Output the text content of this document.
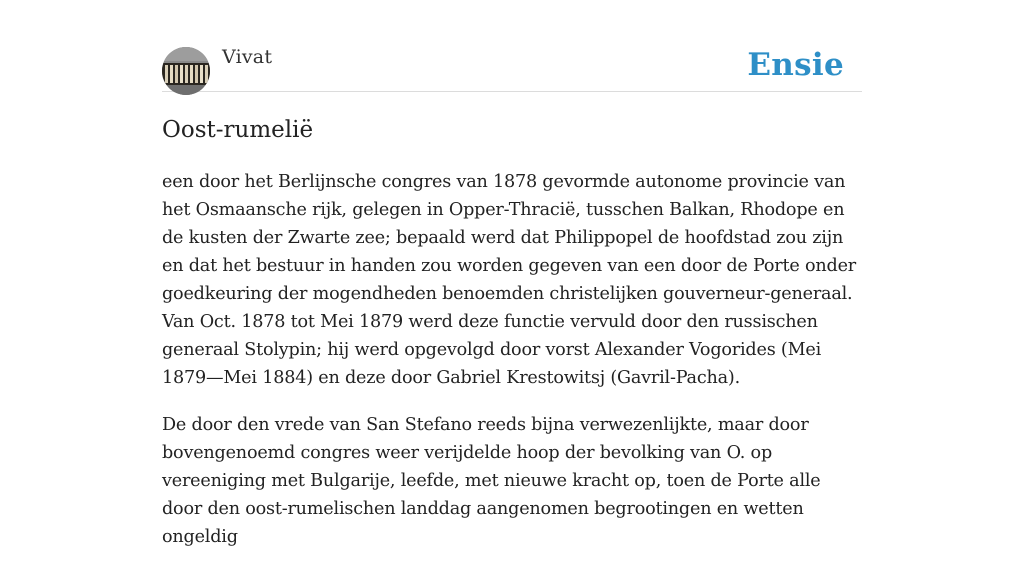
Vivat	Ensie
Oost-rumelië

een door het Berlijnsche congres van 1878 gevormde autonome provincie van het Osmaansche rijk, gelegen in Opper-Thracië, tusschen Balkan, Rhodope en de kusten der Zwarte zee; bepaald werd dat Philippopel de hoofdstad zou zijn en dat het bestuur in handen zou worden gegeven van een door de Porte onder goedkeuring der mogendheden benoemden christelijken gouverneur-generaal. Van Oct. 1878 tot Mei 1879 werd deze functie vervuld door den russischen generaal Stolypin; hij werd opgevolgd door vorst Alexander Vogorides (Mei 1879—Mei 1884) en deze door Gabriel Krestowitsj (Gavril-Pacha).

De door den vrede van San Stefano reeds bijna verwezenlijkte, maar door bovengenoemd congres weer verijdelde hoop der bevolking van O. op vereeniging met Bulgarije, leefde, met nieuwe kracht op, toen de Porte alle door den oost-rumelischen landdag aangenomen begrootingen en wetten ongeldig
